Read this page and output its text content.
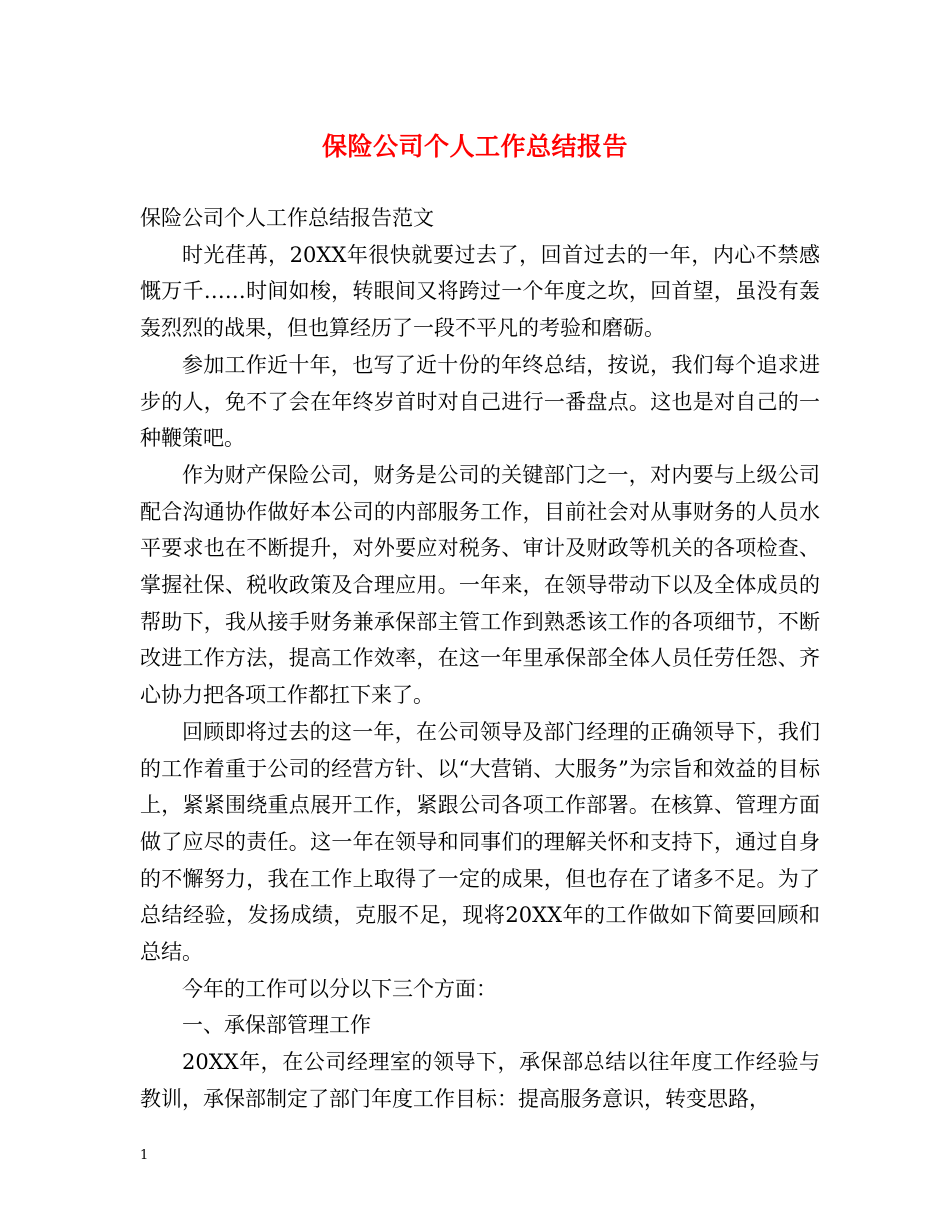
保险公司个人工作总结报告

保险公司个人工作总结报告范文

时光荏苒，20XX年很快就要过去了，回首过去的一年，内心不禁感慨万千……时间如梭，转眼间又将跨过一个年度之坎，回首望，虽没有轰轰烈烈的战果，但也算经历了一段不平凡的考验和磨砺。

参加工作近十年，也写了近十份的年终总结，按说，我们每个追求进步的人，免不了会在年终岁首时对自己进行一番盘点。这也是对自己的一种鞭策吧。

作为财产保险公司，财务是公司的关键部门之一，对内要与上级公司配合沟通协作做好本公司的内部服务工作，目前社会对从事财务的人员水平要求也在不断提升，对外要应对税务、审计及财政等机关的各项检查、掌握社保、税收政策及合理应用。一年来，在领导带动下以及全体成员的帮助下，我从接手财务兼承保部主管工作到熟悉该工作的各项细节，不断改进工作方法，提高工作效率，在这一年里承保部全体人员任劳任怨、齐心协力把各项工作都扛下来了。

回顾即将过去的这一年，在公司领导及部门经理的正确领导下，我们的工作着重于公司的经营方针、以“大营销、大服务”为宗旨和效益的目标上，紧紧围绕重点展开工作，紧跟公司各项工作部署。在核算、管理方面做了应尽的责任。这一年在领导和同事们的理解关怀和支持下，通过自身的不懈努力，我在工作上取得了一定的成果，但也存在了诸多不足。为了总结经验，发扬成绩，克服不足，现将20XX年的工作做如下简要回顾和总结。

今年的工作可以分以下三个方面：

一、承保部管理工作

20XX年，在公司经理室的领导下，承保部总结以往年度工作经验与教训，承保部制定了部门年度工作目标：提高服务意识，转变思路，

1
